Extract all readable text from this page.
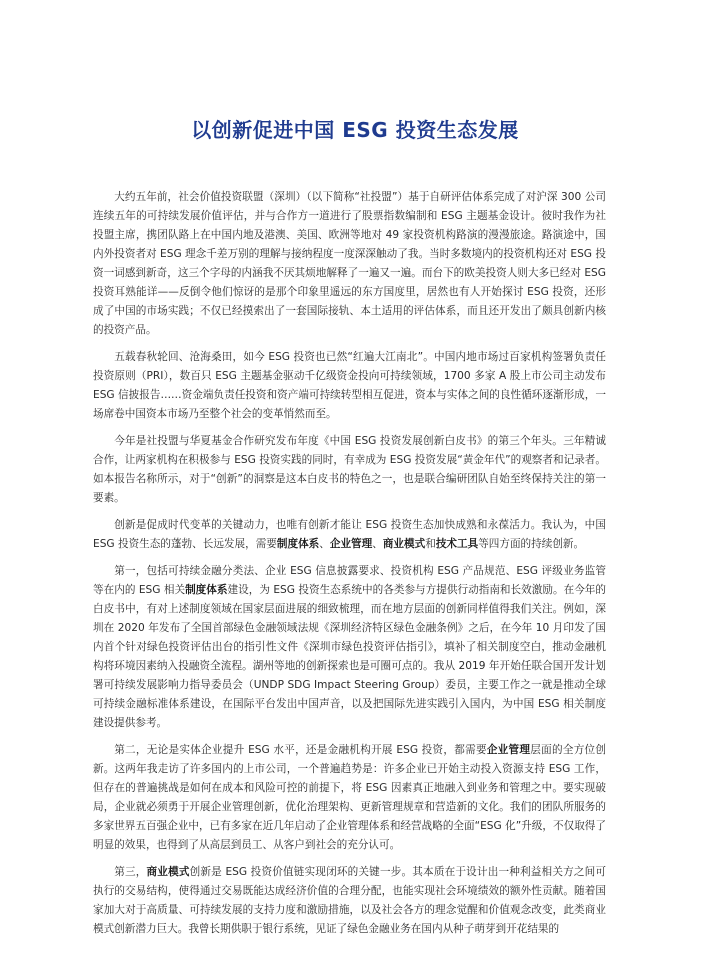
以创新促进中国 ESG 投资生态发展

大约五年前，社会价值投资联盟（深圳）（以下简称“社投盟”）基于自研评估体系完成了对沪深 300 公司连续五年的可持续发展价值评估，并与合作方一道进行了股票指数编制和 ESG 主题基金设计。彼时我作为社投盟主席，携团队路上在中国内地及港澳、美国、欧洲等地对 49 家投资机构路演的漫漫旅途。路演途中，国内外投资者对 ESG 理念千差万别的理解与接纳程度一度深深触动了我。当时多数境内的投资机构还对 ESG 投资一词感到新奇，这三个字母的内涵我不厌其烦地解释了一遍又一遍。而台下的欧美投资人则大多已经对 ESG 投资耳熟能详——反倒令他们惊讶的是那个印象里遥远的东方国度里，居然也有人开始探讨 ESG 投资，还形成了中国的市场实践；不仅已经摸索出了一套国际接轨、本土适用的评估体系，而且还开发出了颇具创新内核的投资产品。

五载春秋轮回、沧海桑田，如今 ESG 投资也已然“红遍大江南北”。中国内地市场过百家机构签署负责任投资原则（PRI），数百只 ESG 主题基金驱动千亿级资金投向可持续领域，1700 多家 A 股上市公司主动发布 ESG 信披报告……资金端负责任投资和资产端可持续转型相互促进，资本与实体之间的良性循环逐渐形成，一场席卷中国资本市场乃至整个社会的变革悄然而至。

今年是社投盟与华夏基金合作研究发布年度《中国 ESG 投资发展创新白皮书》的第三个年头。三年精诚合作，让两家机构在积极参与 ESG 投资实践的同时，有幸成为 ESG 投资发展“黄金年代”的观察者和记录者。如本报告名称所示，对于“创新”的洞察是这本白皮书的特色之一，也是联合编研团队自始至终保持关注的第一要素。

创新是促成时代变革的关键动力，也唯有创新才能让 ESG 投资生态加快成熟和永葆活力。我认为，中国 ESG 投资生态的蓬勃、长远发展，需要制度体系、企业管理、商业模式和技术工具等四方面的持续创新。

第一，包括可持续金融分类法、企业 ESG 信息披露要求、投资机构 ESG 产品规范、ESG 评级业务监管等在内的 ESG 相关制度体系建设，为 ESG 投资生态系统中的各类参与方提供行动指南和长效激励。在今年的白皮书中，有对上述制度领域在国家层面进展的细致梳理，而在地方层面的创新同样值得我们关注。例如，深圳在 2020 年发布了全国首部绿色金融领域法规《深圳经济特区绿色金融条例》之后，在今年 10 月印发了国内首个针对绿色投资评估出台的指引性文件《深圳市绿色投资评估指引》，填补了相关制度空白，推动金融机构将环境因素纳入投融资全流程。湖州等地的创新探索也是可圈可点的。我从 2019 年开始任联合国开发计划署可持续发展影响力指导委员会（UNDP SDG Impact Steering Group）委员，主要工作之一就是推动全球可持续金融标准体系建设，在国际平台发出中国声音，以及把国际先进实践引入国内，为中国 ESG 相关制度建设提供参考。

第二，无论是实体企业提升 ESG 水平，还是金融机构开展 ESG 投资，都需要企业管理层面的全方位创新。这两年我走访了许多国内的上市公司，一个普遍趋势是：许多企业已开始主动投入资源支持 ESG 工作，但存在的普遍挑战是如何在成本和风险可控的前提下，将 ESG 因素真正地融入到业务和管理之中。要实现破局，企业就必须勇于开展企业管理创新，优化治理架构、更新管理规章和营造新的文化。我们的团队所服务的多家世界五百强企业中，已有多家在近几年启动了企业管理体系和经营战略的全面“ESG 化”升级，不仅取得了明显的效果，也得到了从高层到员工、从客户到社会的充分认可。

第三，商业模式创新是 ESG 投资价值链实现闭环的关键一步。其本质在于设计出一种利益相关方之间可执行的交易结构，使得通过交易既能达成经济价值的合理分配，也能实现社会环境绩效的额外性贡献。随着国家加大对于高质量、可持续发展的支持力度和激励措施，以及社会各方的理念觉醒和价值观念改变，此类商业模式创新潜力巨大。我曾长期供职于银行系统，见证了绿色金融业务在国内从种子萌芽到开花结果的
